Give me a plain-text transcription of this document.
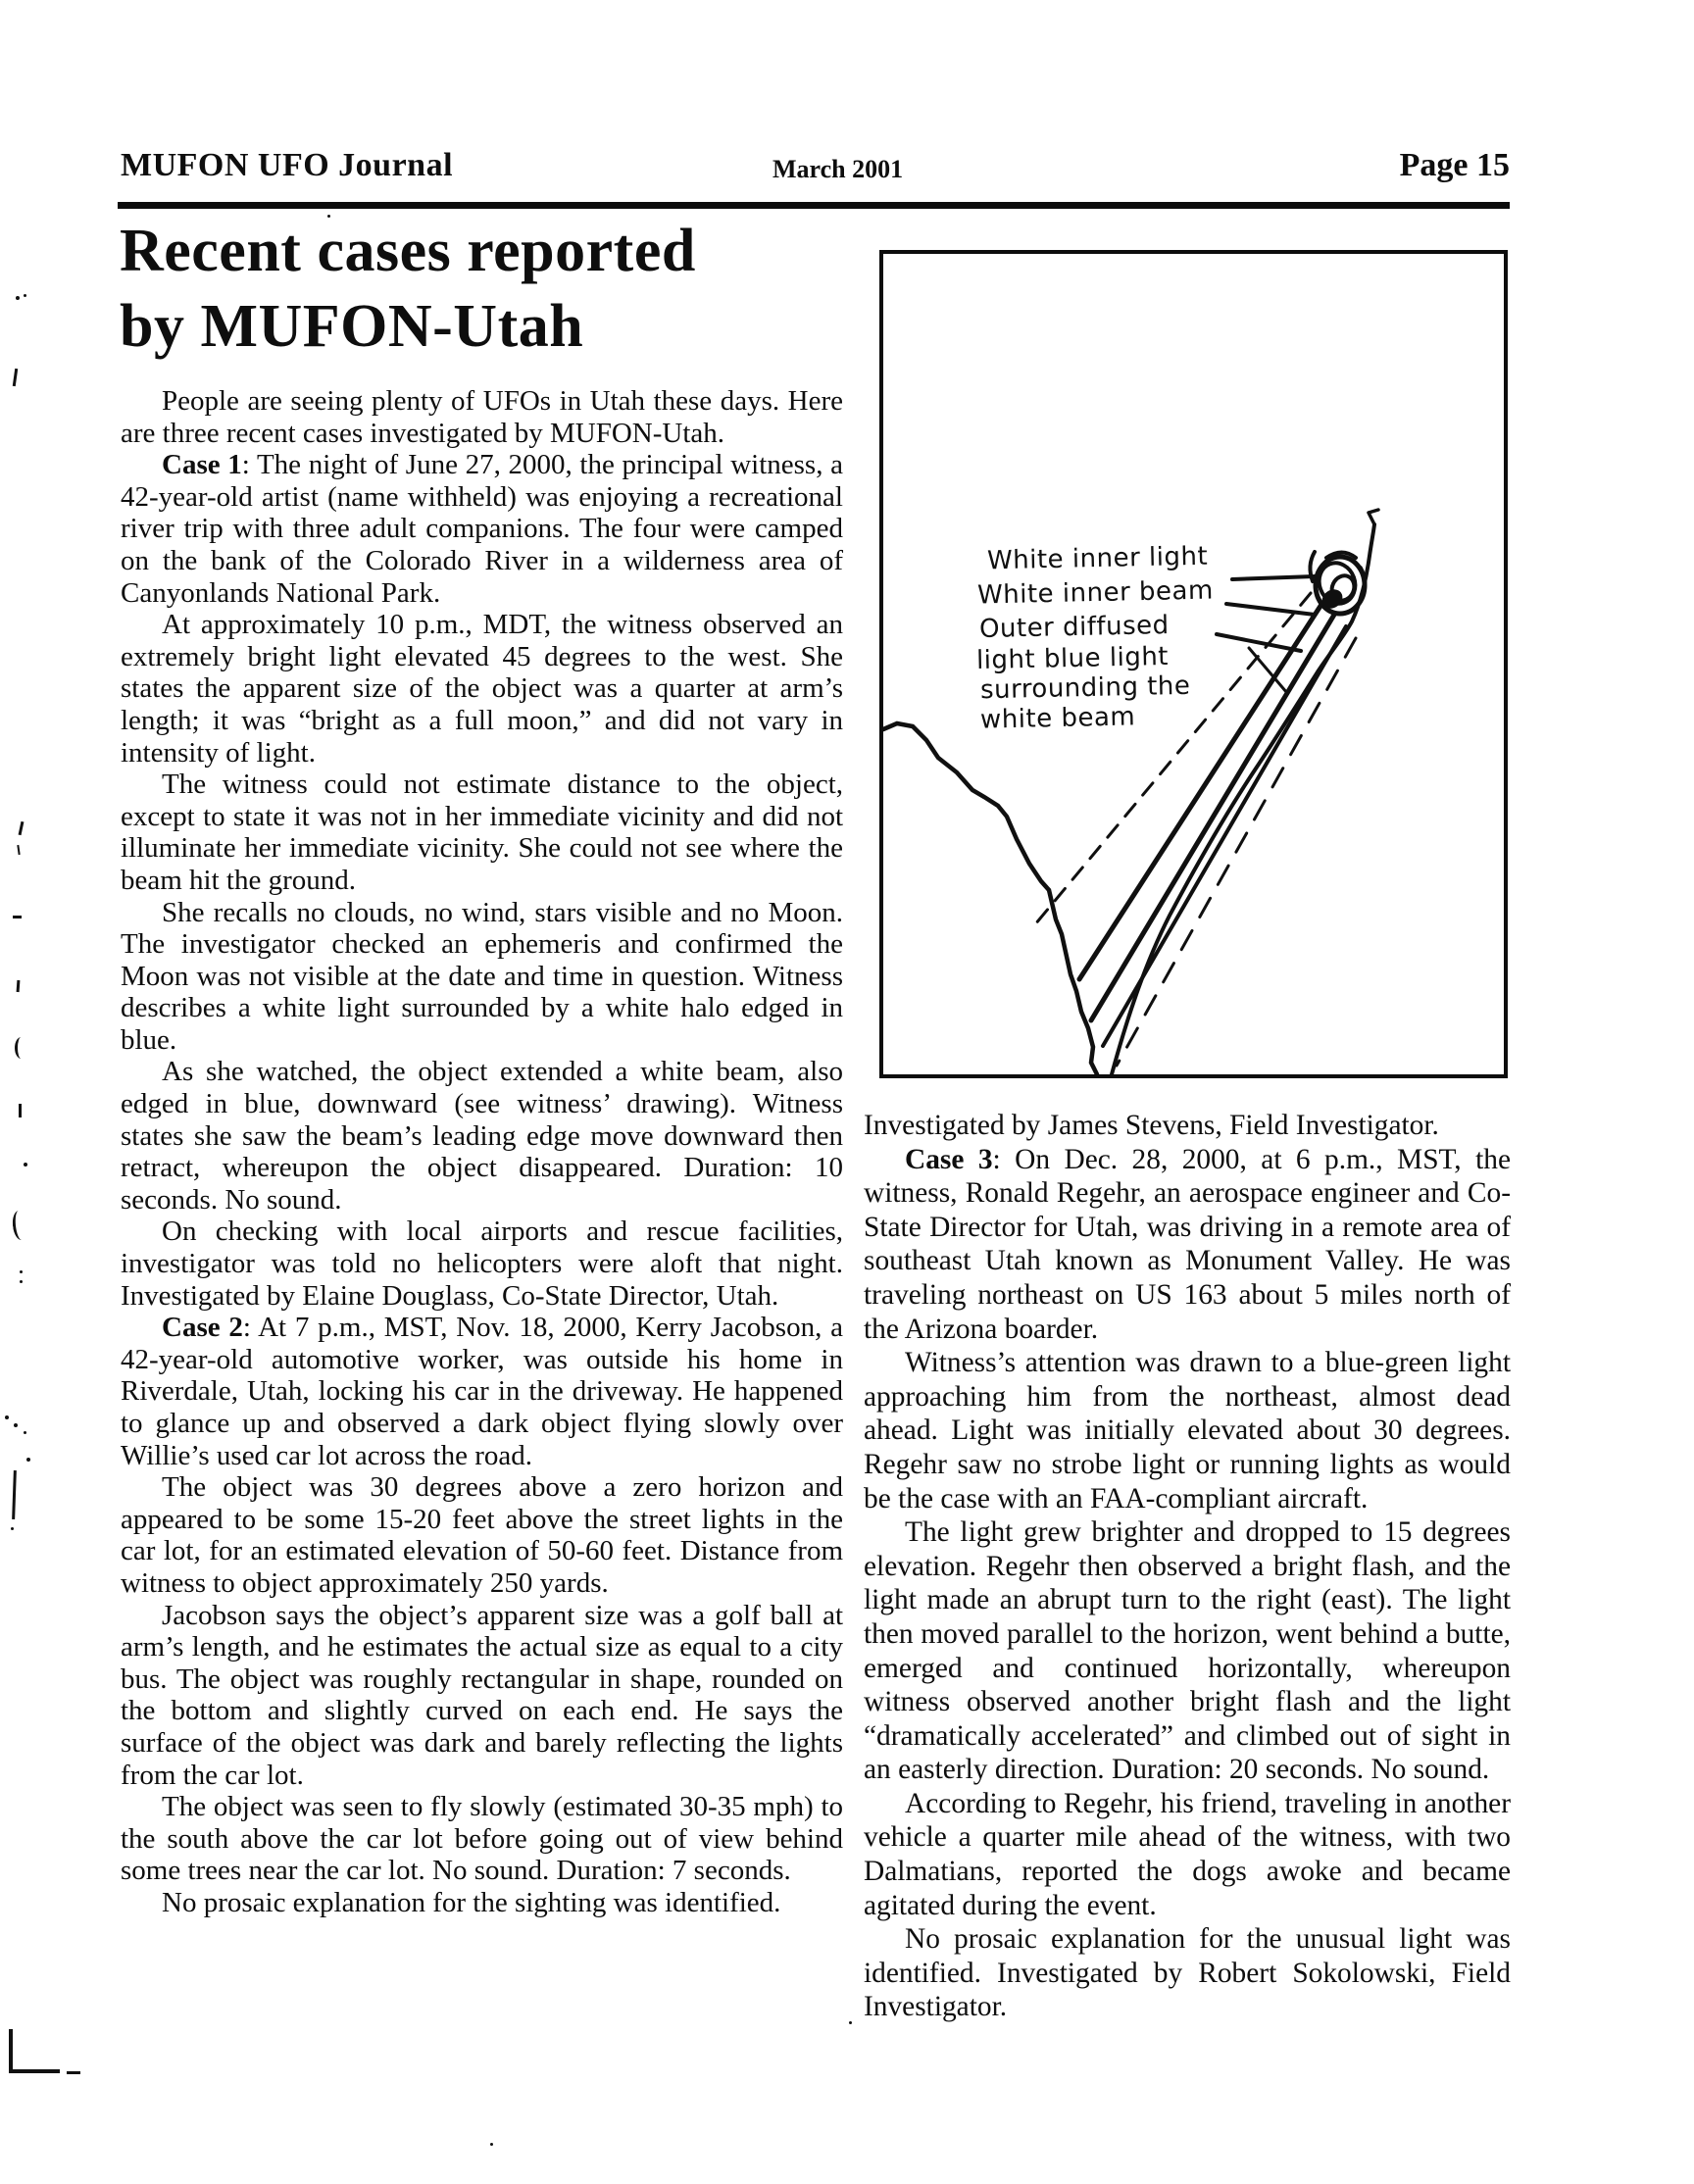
MUFON UFO Journal	March 2001	Page 15
Recent cases reported
by MUFON-Utah

People are seeing plenty of UFOs in Utah these days. Here are three recent cases investigated by MUFON-Utah.

Case 1: The night of June 27, 2000, the principal witness, a 42-year-old artist (name withheld) was enjoying a recreational river trip with three adult companions. The four were camped on the bank of the Colorado River in a wilderness area of Canyonlands National Park.

At approximately 10 p.m., MDT, the witness observed an extremely bright light elevated 45 degrees to the west. She states the apparent size of the object was a quarter at arm’s length; it was “bright as a full moon,” and did not vary in intensity of light.

The witness could not estimate distance to the object, except to state it was not in her immediate vicinity and did not illuminate her immediate vicinity. She could not see where the beam hit the ground.

She recalls no clouds, no wind, stars visible and no Moon. The investigator checked an ephemeris and confirmed the Moon was not visible at the date and time in question. Witness describes a white light surrounded by a white halo edged in blue.

As she watched, the object extended a white beam, also edged in blue, downward (see witness’ drawing). Witness states she saw the beam’s leading edge move downward then retract, whereupon the object disappeared. Duration: 10 seconds. No sound.

On checking with local airports and rescue facilities, investigator was told no helicopters were aloft that night. Investigated by Elaine Douglass, Co-State Director, Utah.

Case 2: At 7 p.m., MST, Nov. 18, 2000, Kerry Jacobson, a 42-year-old automotive worker, was outside his home in Riverdale, Utah, locking his car in the driveway. He happened to glance up and observed a dark object flying slowly over Willie’s used car lot across the road.

The object was 30 degrees above a zero horizon and appeared to be some 15-20 feet above the street lights in the car lot, for an estimated elevation of 50-60 feet. Distance from witness to object approximately 250 yards.

Jacobson says the object’s apparent size was a golf ball at arm’s length, and he estimates the actual size as equal to a city bus. The object was roughly rectangular in shape, rounded on the bottom and slightly curved on each end. He says the surface of the object was dark and barely reflecting the lights from the car lot.

The object was seen to fly slowly (estimated 30-35 mph) to the south above the car lot before going out of view behind some trees near the car lot. No sound. Duration: 7 seconds.

No prosaic explanation for the sighting was identified.

White inner light
White inner beam
Outer diffused
light blue light
surrounding the
white beam

Investigated by James Stevens, Field Investigator.

Case 3: On Dec. 28, 2000, at 6 p.m., MST, the witness, Ronald Regehr, an aerospace engineer and Co-State Director for Utah, was driving in a remote area of southeast Utah known as Monument Valley. He was traveling northeast on US 163 about 5 miles north of the Arizona boarder.

Witness’s attention was drawn to a blue-green light approaching him from the northeast, almost dead ahead. Light was initially elevated about 30 degrees. Regehr saw no strobe light or running lights as would be the case with an FAA-compliant aircraft.

The light grew brighter and dropped to 15 degrees elevation. Regehr then observed a bright flash, and the light made an abrupt turn to the right (east). The light then moved parallel to the horizon, went behind a butte, emerged and continued horizontally, whereupon witness observed another bright flash and the light “dramatically accelerated” and climbed out of sight in an easterly direction. Duration: 20 seconds. No sound.

According to Regehr, his friend, traveling in another vehicle a quarter mile ahead of the witness, with two Dalmatians, reported the dogs awoke and became agitated during the event.

No prosaic explanation for the unusual light was identified. Investigated by Robert Sokolowski, Field Investigator.
